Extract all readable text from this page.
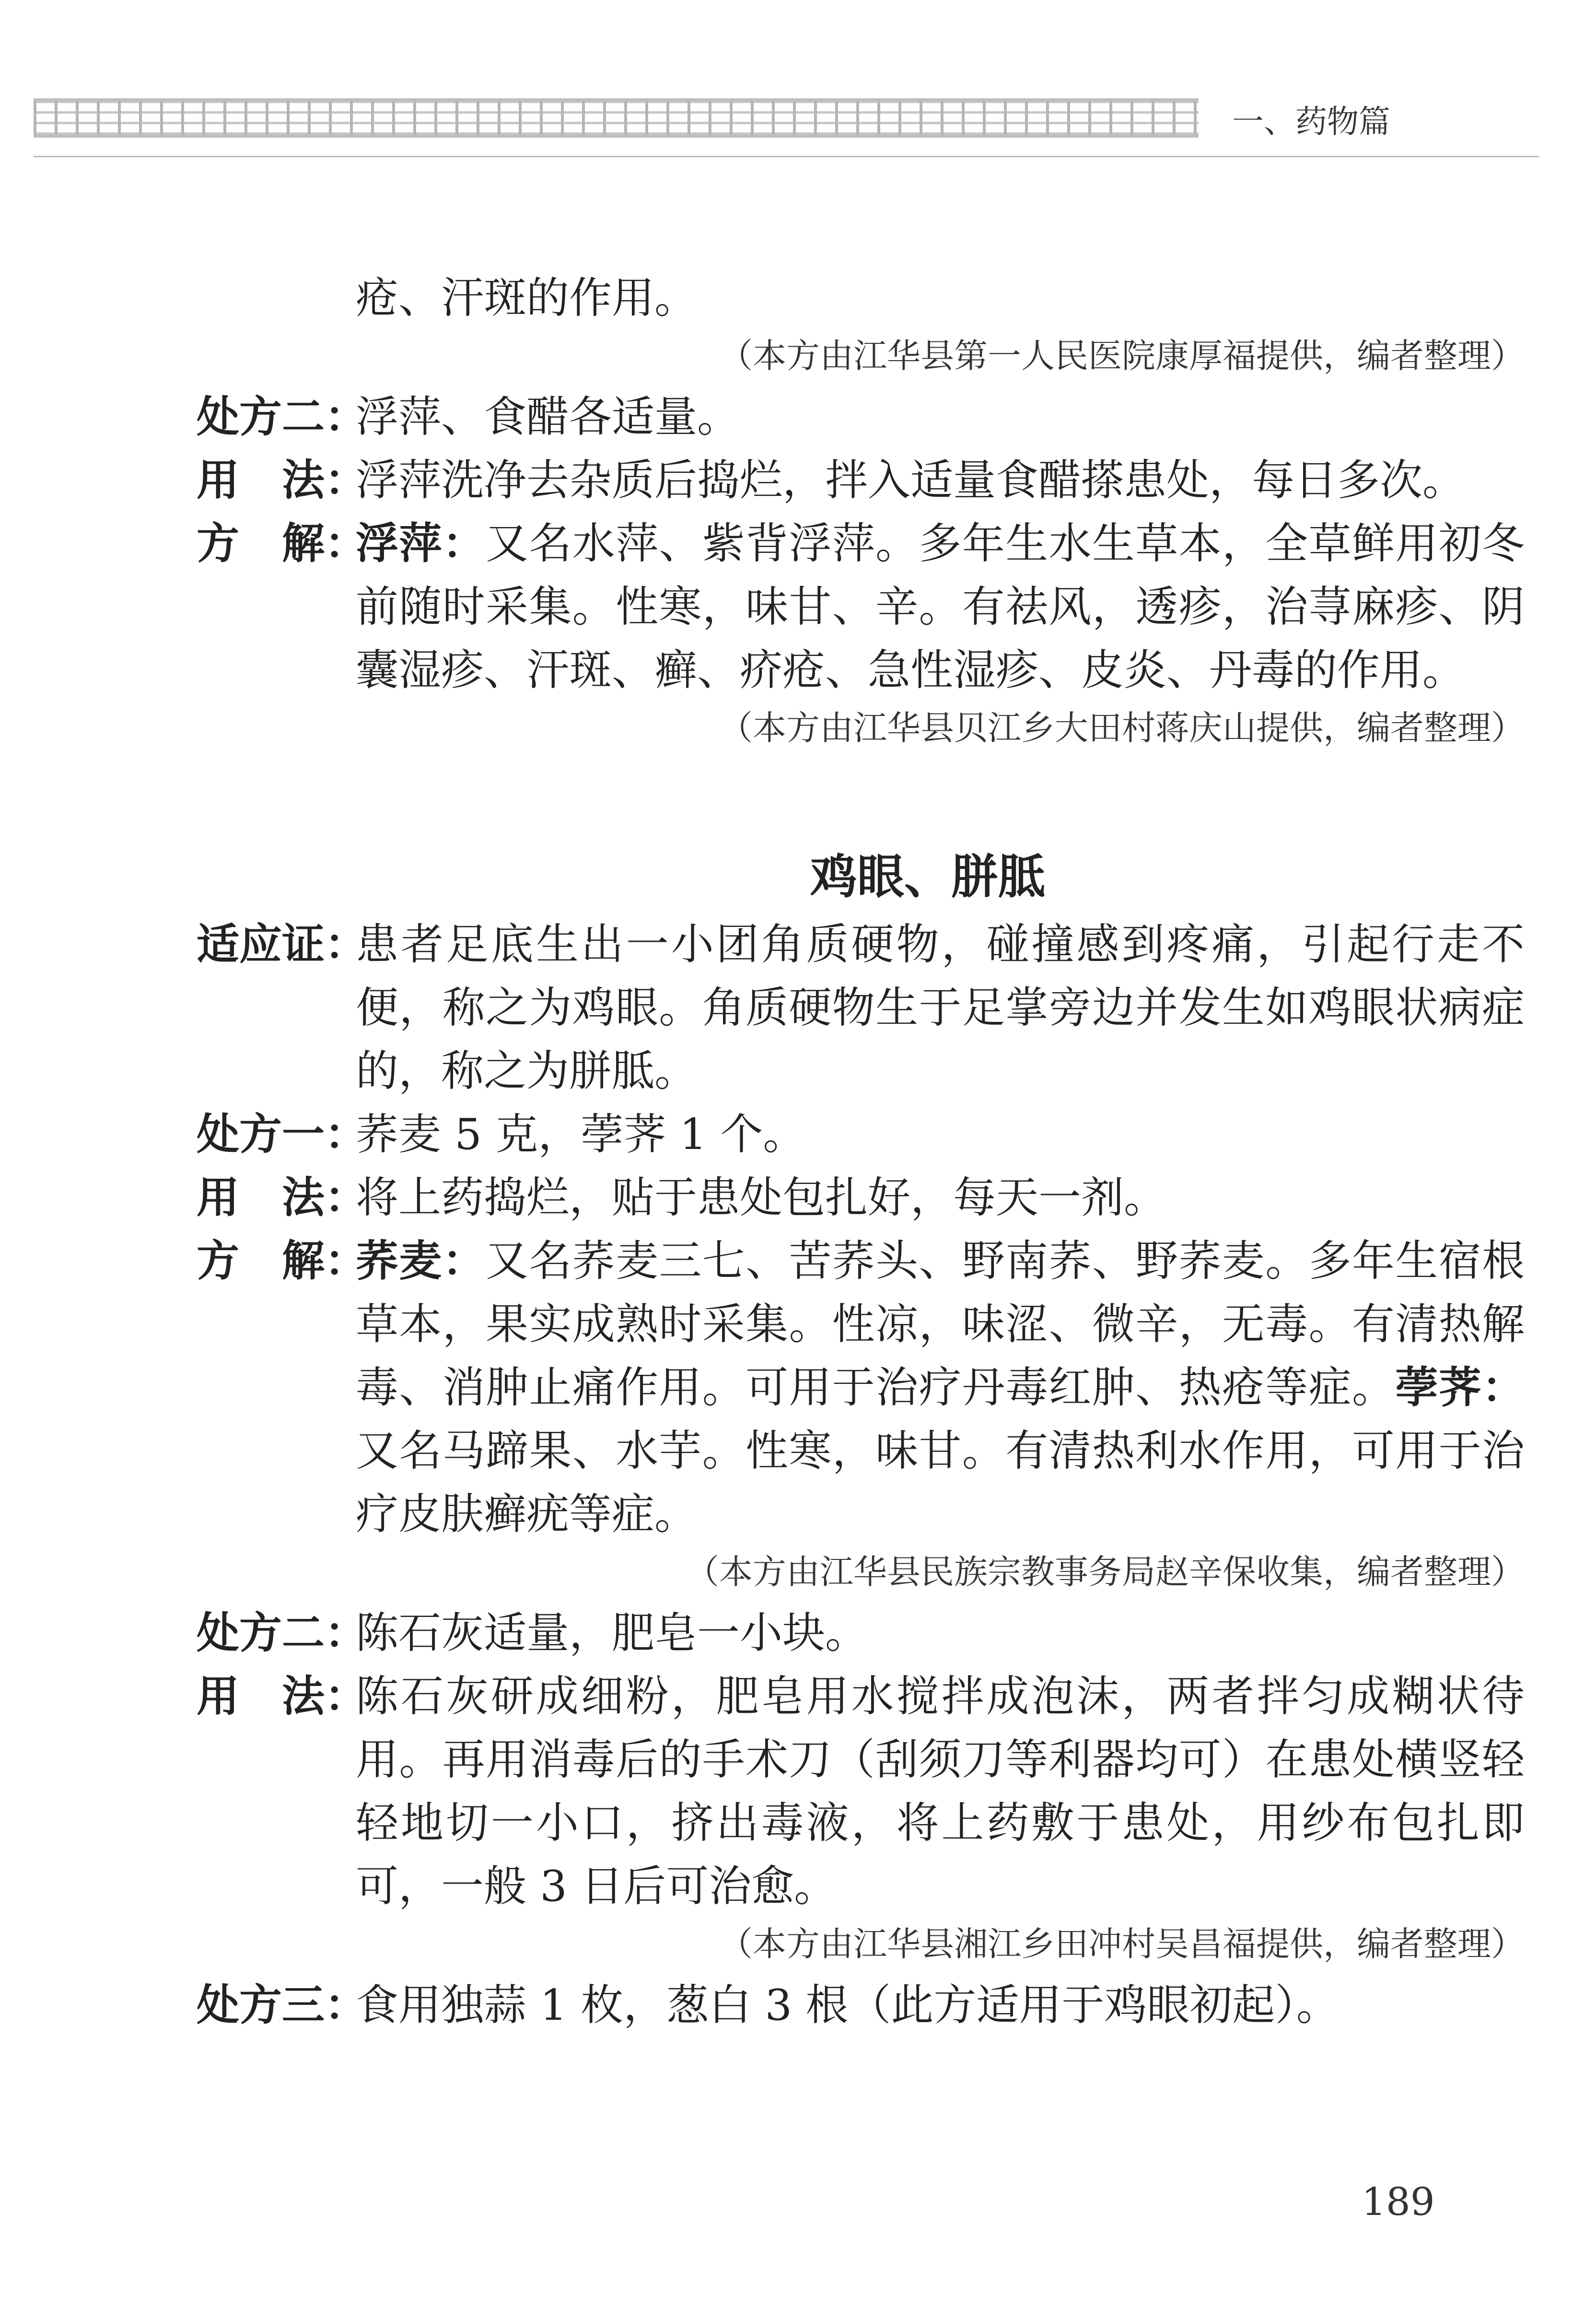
一、药物篇
疮、汗斑的作用。
（本方由江华县第一人民医院康厚福提供，编者整理）
处方二：
浮萍、食醋各适量。
用　法：
浮萍洗净去杂质后捣烂，拌入适量食醋搽患处，每日多次。
方　解：
浮萍：又名水萍、紫背浮萍。多年生水生草本，全草鲜用初冬前随时采集。性寒，味甘、辛。有祛风，透疹，治荨麻疹、阴囊湿疹、汗斑、癣、疥疮、急性湿疹、皮炎、丹毒的作用。
（本方由江华县贝江乡大田村蒋庆山提供，编者整理）
鸡眼、胼胝
适应证：
患者足底生出一小团角质硬物，碰撞感到疼痛，引起行走不便，称之为鸡眼。角质硬物生于足掌旁边并发生如鸡眼状病症的，称之为胼胝。
处方一：
荞麦 5 克，荸荠 1 个。
用　法：
将上药捣烂，贴于患处包扎好，每天一剂。
方　解：
荞麦：又名荞麦三七、苦荞头、野南荞、野荞麦。多年生宿根草本，果实成熟时采集。性凉，味涩、微辛，无毒。有清热解毒、消肿止痛作用。可用于治疗丹毒红肿、热疮等症。荸荠：又名马蹄果、水芋。性寒，味甘。有清热利水作用，可用于治疗皮肤癣疣等症。
（本方由江华县民族宗教事务局赵辛保收集，编者整理）
处方二：
陈石灰适量，肥皂一小块。
用　法：
陈石灰研成细粉，肥皂用水搅拌成泡沫，两者拌匀成糊状待用。再用消毒后的手术刀（刮须刀等利器均可）在患处横竖轻轻地切一小口，挤出毒液，将上药敷于患处，用纱布包扎即可，一般 3 日后可治愈。
（本方由江华县湘江乡田冲村吴昌福提供，编者整理）
处方三：
食用独蒜 1 枚，葱白 3 根（此方适用于鸡眼初起）。
189
